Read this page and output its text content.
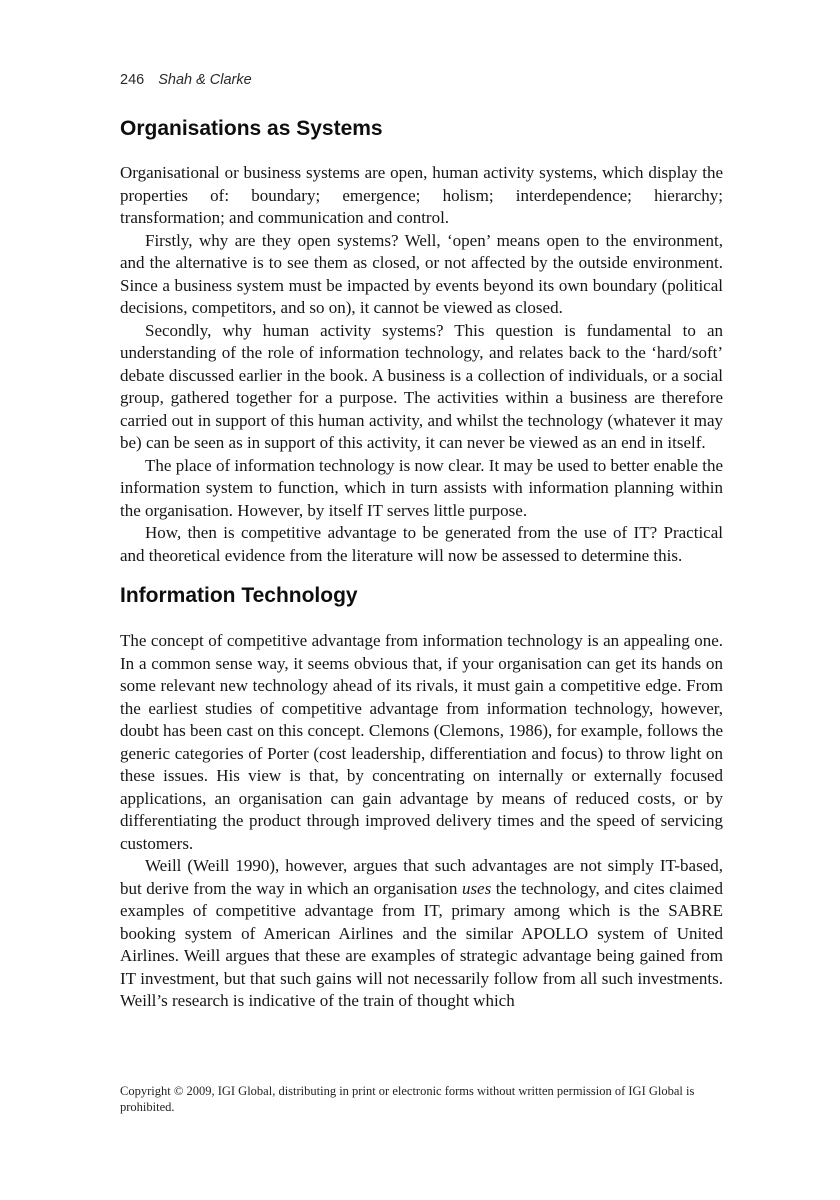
246 Shah & Clarke
Organisations as Systems

Organisational or business systems are open, human activity systems, which display the properties of: boundary; emergence; holism; interdependence; hierarchy; transformation; and communication and control.

Firstly, why are they open systems? Well, ‘open’ means open to the environment, and the alternative is to see them as closed, or not affected by the outside environment. Since a business system must be impacted by events beyond its own boundary (political decisions, competitors, and so on), it cannot be viewed as closed.

Secondly, why human activity systems? This question is fundamental to an understanding of the role of information technology, and relates back to the ‘hard/soft’ debate discussed earlier in the book. A business is a collection of individuals, or a social group, gathered together for a purpose. The activities within a business are therefore carried out in support of this human activity, and whilst the technology (whatever it may be) can be seen as in support of this activity, it can never be viewed as an end in itself.

The place of information technology is now clear. It may be used to better enable the information system to function, which in turn assists with information planning within the organisation. However, by itself IT serves little purpose.

How, then is competitive advantage to be generated from the use of IT? Practical and theoretical evidence from the literature will now be assessed to determine this.

Information Technology

The concept of competitive advantage from information technology is an appealing one. In a common sense way, it seems obvious that, if your organisation can get its hands on some relevant new technology ahead of its rivals, it must gain a competitive edge. From the earliest studies of competitive advantage from information technology, however, doubt has been cast on this concept. Clemons (Clemons, 1986), for example, follows the generic categories of Porter (cost leadership, differentiation and focus) to throw light on these issues. His view is that, by concentrating on internally or externally focused applications, an organisation can gain advantage by means of reduced costs, or by differentiating the product through improved delivery times and the speed of servicing customers.

Weill (Weill 1990), however, argues that such advantages are not simply IT-based, but derive from the way in which an organisation uses the technology, and cites claimed examples of competitive advantage from IT, primary among which is the SABRE booking system of American Airlines and the similar APOLLO system of United Airlines. Weill argues that these are examples of strategic advantage being gained from IT investment, but that such gains will not necessarily follow from all such investments. Weill’s research is indicative of the train of thought which

Copyright © 2009, IGI Global, distributing in print or electronic forms without written permission of IGI Global is prohibited.
